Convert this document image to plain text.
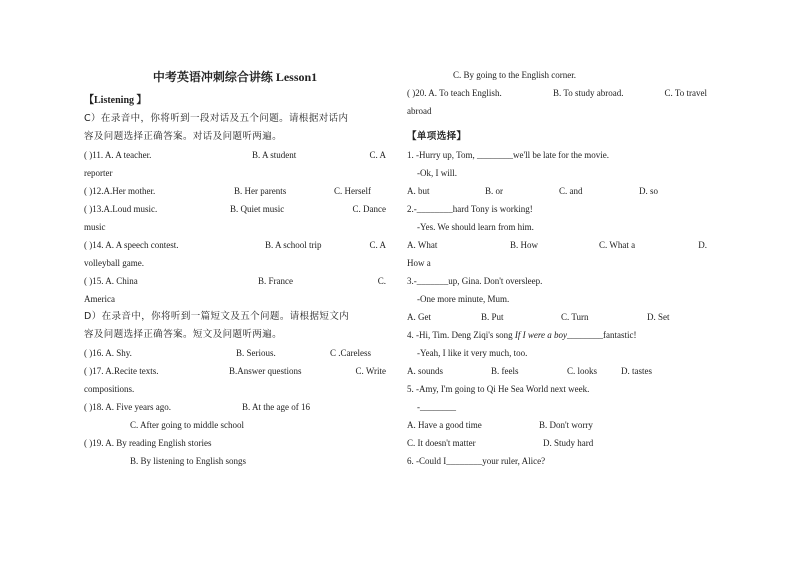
中考英语冲刺综合讲练 Lesson1
【Listening 】
C）在录音中，你将听到一段对话及五个问题。请根据对话内
容及问题选择正确答案。对话及问题听两遍。
( )11. A. A teacher.	B. A student	C. A
reporter
( )12.A.Her mother.	B. Her parents	C. Herself
( )13.A.Loud music.	B. Quiet music	C. Dance
music
( )14. A. A speech contest.	B. A school trip	C. A
volleyball game.
( )15. A. China	B. France	C.
America
D）在录音中，你将听到一篇短文及五个问题。请根据短文内
容及问题选择正确答案。短文及问题听两遍。
( )16. A. Shy.	B. Serious.	C .Careless
( )17. A.Recite texts.	B.Answer questions	C. Write
compositions.
( )18. A. Five years ago.	B. At the age of 16
C. After going to middle school
( )19. A. By reading English stories
B. By listening to English songs
C. By going to the English corner.
( )20. A. To teach English.	B. To study abroad.	C. To travel
abroad
【单项选择】
1. -Hurry up, Tom, ________we'll be late for the movie.
-Ok, I will.
A. but	B. or	C. and	D. so
2.-________hard Tony is working!
-Yes. We should learn from him.
A. What	B. How	C. What a	D.
How a
3.-_______up, Gina. Don't oversleep.
-One more minute, Mum.
A. Get	B. Put	C. Turn	D. Set
4. -Hi, Tim. Deng Ziqi's song If I were a boy________fantastic!
-Yeah, I like it very much, too.
A. sounds	B. feels	C. looks	D. tastes
5. -Amy, I'm going to Qi He Sea World next week.
-________
A. Have a good time	B. Don't worry
C. It doesn't matter	D. Study hard
6. -Could I________your ruler, Alice?
